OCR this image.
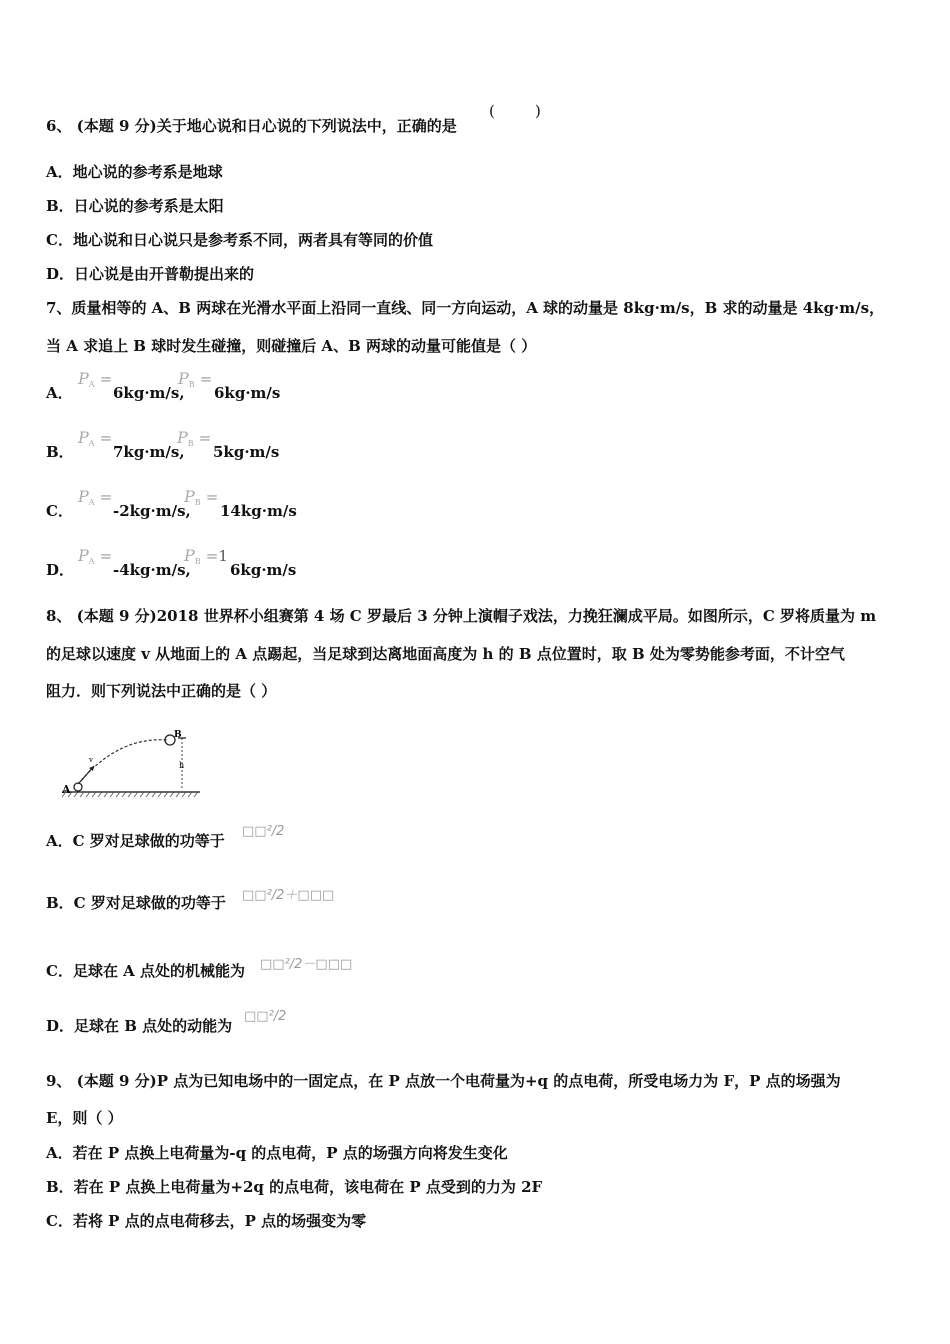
6、 (本题 9 分)关于地心说和日心说的下列说法中，正确的是
(	)
A．地心说的参考系是地球
B．日心说的参考系是太阳
C．地心说和日心说只是参考系不同，两者具有等同的价值
D．日心说是由开普勒提出来的
7、质量相等的 A、B 两球在光滑水平面上沿同一直线、同一方向运动，A 球的动量是 8kg·m/s，B 求的动量是 4kg·m/s，
当 A 求追上 B 球时发生碰撞，则碰撞后 A、B 两球的动量可能值是（ ）
A．
$P_A$ =
6kg·m/s,
$P_B$ =
6kg·m/s
B．
$P_A$ =
7kg·m/s,
$P_B$ =
5kg·m/s
C．
$P_A$ =
-2kg·m/s,
$P_B$ =
14kg·m/s
D．
$P_A$ =
-4kg·m/s,
$P_B =1$
6kg·m/s
8、 (本题 9 分)2018 世界杯小组赛第 4 场 C 罗最后 3 分钟上演帽子戏法，力挽狂澜成平局。如图所示，C 罗将质量为 m
的足球以速度 v 从地面上的 A 点踢起，当足球到达离地面高度为 h 的 B 点位置时，取 B 处为零势能参考面，不计空气
阻力．则下列说法中正确的是（ ）
A
B
h
v
A．C 罗对足球做的功等于
□□²/2
B．C 罗对足球做的功等于 □□²/2＋□□□
C．足球在 A 点处的机械能为 □□²/2－□□□
D．足球在 B 点处的动能为
□□²/2
9、 (本题 9 分)P 点为已知电场中的一固定点，在 P 点放一个电荷量为+q 的点电荷，所受电场力为 F，P 点的场强为
E，则（ ）
A．若在 P 点换上电荷量为-q 的点电荷，P 点的场强方向将发生变化
B．若在 P 点换上电荷量为+2q 的点电荷，该电荷在 P 点受到的力为 2F
C．若将 P 点的点电荷移去，P 点的场强变为零
